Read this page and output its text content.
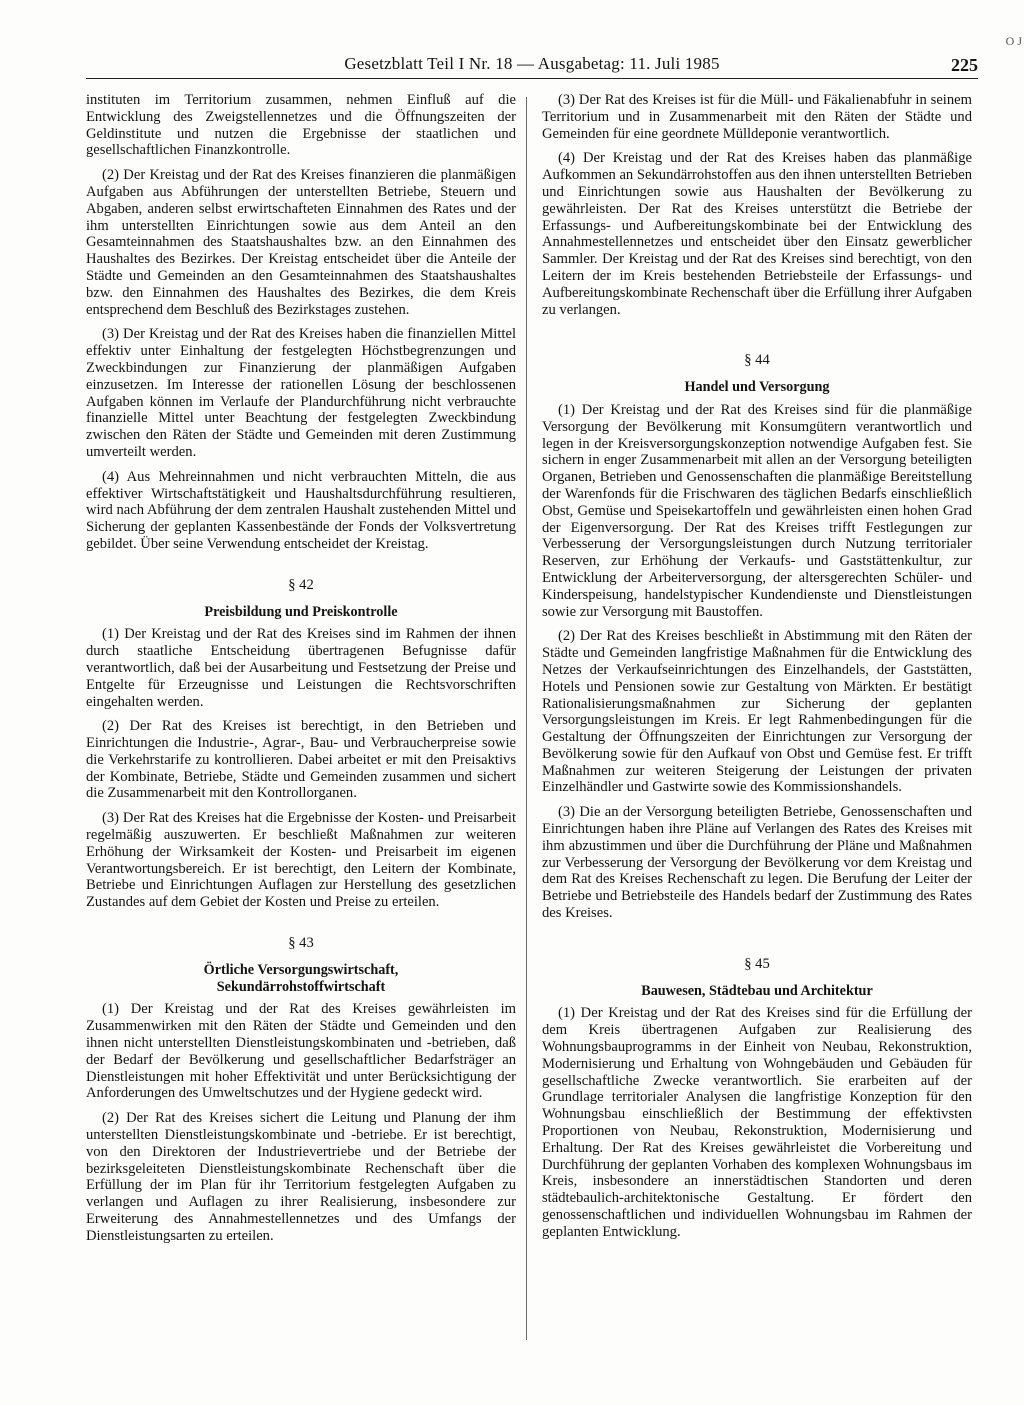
Gesetzblatt Teil I Nr. 18 — Ausgabetag: 11. Juli 1985	225
O J

instituten im Territorium zusammen, nehmen Einfluß auf die Entwicklung des Zweigstellennetzes und die Öffnungszeiten der Geldinstitute und nutzen die Ergebnisse der staatlichen und gesellschaftlichen Finanzkontrolle.

(2) Der Kreistag und der Rat des Kreises finanzieren die planmäßigen Aufgaben aus Abführungen der unterstellten Betriebe, Steuern und Abgaben, anderen selbst erwirtschafteten Einnahmen des Rates und der ihm unterstellten Einrichtungen sowie aus dem Anteil an den Gesamteinnahmen des Staatshaushaltes bzw. an den Einnahmen des Haushaltes des Bezirkes. Der Kreistag entscheidet über die Anteile der Städte und Gemeinden an den Gesamteinnahmen des Staatshaushaltes bzw. den Einnahmen des Haushaltes des Bezirkes, die dem Kreis entsprechend dem Beschluß des Bezirkstages zustehen.

(3) Der Kreistag und der Rat des Kreises haben die finanziellen Mittel effektiv unter Einhaltung der festgelegten Höchstbegrenzungen und Zweckbindungen zur Finanzierung der planmäßigen Aufgaben einzusetzen. Im Interesse der rationellen Lösung der beschlossenen Aufgaben können im Verlaufe der Plandurchführung nicht verbrauchte finanzielle Mittel unter Beachtung der festgelegten Zweckbindung zwischen den Räten der Städte und Gemeinden mit deren Zustimmung umverteilt werden.

(4) Aus Mehreinnahmen und nicht verbrauchten Mitteln, die aus effektiver Wirtschaftstätigkeit und Haushaltsdurchführung resultieren, wird nach Abführung der dem zentralen Haushalt zustehenden Mittel und Sicherung der geplanten Kassenbestände der Fonds der Volksvertretung gebildet. Über seine Verwendung entscheidet der Kreistag.

§ 42
Preisbildung und Preiskontrolle

(1) Der Kreistag und der Rat des Kreises sind im Rahmen der ihnen durch staatliche Entscheidung übertragenen Befugnisse dafür verantwortlich, daß bei der Ausarbeitung und Festsetzung der Preise und Entgelte für Erzeugnisse und Leistungen die Rechtsvorschriften eingehalten werden.

(2) Der Rat des Kreises ist berechtigt, in den Betrieben und Einrichtungen die Industrie-, Agrar-, Bau- und Verbraucherpreise sowie die Verkehrstarife zu kontrollieren. Dabei arbeitet er mit den Preisaktivs der Kombinate, Betriebe, Städte und Gemeinden zusammen und sichert die Zusammenarbeit mit den Kontrollorganen.

(3) Der Rat des Kreises hat die Ergebnisse der Kosten- und Preisarbeit regelmäßig auszuwerten. Er beschließt Maßnahmen zur weiteren Erhöhung der Wirksamkeit der Kosten- und Preisarbeit im eigenen Verantwortungsbereich. Er ist berechtigt, den Leitern der Kombinate, Betriebe und Einrichtungen Auflagen zur Herstellung des gesetzlichen Zustandes auf dem Gebiet der Kosten und Preise zu erteilen.

§ 43
Örtliche Versorgungswirtschaft,
Sekundärrohstoffwirtschaft

(1) Der Kreistag und der Rat des Kreises gewährleisten im Zusammenwirken mit den Räten der Städte und Gemeinden und den ihnen nicht unterstellten Dienstleistungskombinaten und -betrieben, daß der Bedarf der Bevölkerung und gesellschaftlicher Bedarfsträger an Dienstleistungen mit hoher Effektivität und unter Berücksichtigung der Anforderungen des Umweltschutzes und der Hygiene gedeckt wird.

(2) Der Rat des Kreises sichert die Leitung und Planung der ihm unterstellten Dienstleistungskombinate und -betriebe. Er ist berechtigt, von den Direktoren der Industrievertriebe und der Betriebe der bezirksgeleiteten Dienstleistungskombinate Rechenschaft über die Erfüllung der im Plan für ihr Territorium festgelegten Aufgaben zu verlangen und Auflagen zu ihrer Realisierung, insbesondere zur Erweiterung des Annahmestellennetzes und des Umfangs der Dienstleistungsarten zu erteilen.

(3) Der Rat des Kreises ist für die Müll- und Fäkalienabfuhr in seinem Territorium und in Zusammenarbeit mit den Räten der Städte und Gemeinden für eine geordnete Mülldeponie verantwortlich.

(4) Der Kreistag und der Rat des Kreises haben das planmäßige Aufkommen an Sekundärrohstoffen aus den ihnen unterstellten Betrieben und Einrichtungen sowie aus Haushalten der Bevölkerung zu gewährleisten. Der Rat des Kreises unterstützt die Betriebe der Erfassungs- und Aufbereitungskombinate bei der Entwicklung des Annahmestellennetzes und entscheidet über den Einsatz gewerblicher Sammler. Der Kreistag und der Rat des Kreises sind berechtigt, von den Leitern der im Kreis bestehenden Betriebsteile der Erfassungs- und Aufbereitungskombinate Rechenschaft über die Erfüllung ihrer Aufgaben zu verlangen.

§ 44
Handel und Versorgung

(1) Der Kreistag und der Rat des Kreises sind für die planmäßige Versorgung der Bevölkerung mit Konsumgütern verantwortlich und legen in der Kreisversorgungskonzeption notwendige Aufgaben fest. Sie sichern in enger Zusammenarbeit mit allen an der Versorgung beteiligten Organen, Betrieben und Genossenschaften die planmäßige Bereitstellung der Warenfonds für die Frischwaren des täglichen Bedarfs einschließlich Obst, Gemüse und Speisekartoffeln und gewährleisten einen hohen Grad der Eigenversorgung. Der Rat des Kreises trifft Festlegungen zur Verbesserung der Versorgungsleistungen durch Nutzung territorialer Reserven, zur Erhöhung der Verkaufs- und Gaststättenkultur, zur Entwicklung der Arbeiterversorgung, der altersgerechten Schüler- und Kinderspeisung, handelstypischer Kundendienste und Dienstleistungen sowie zur Versorgung mit Baustoffen.

(2) Der Rat des Kreises beschließt in Abstimmung mit den Räten der Städte und Gemeinden langfristige Maßnahmen für die Entwicklung des Netzes der Verkaufseinrichtungen des Einzelhandels, der Gaststätten, Hotels und Pensionen sowie zur Gestaltung von Märkten. Er bestätigt Rationalisierungsmaßnahmen zur Sicherung der geplanten Versorgungsleistungen im Kreis. Er legt Rahmenbedingungen für die Gestaltung der Öffnungszeiten der Einrichtungen zur Versorgung der Bevölkerung sowie für den Aufkauf von Obst und Gemüse fest. Er trifft Maßnahmen zur weiteren Steigerung der Leistungen der privaten Einzelhändler und Gastwirte sowie des Kommissionshandels.

(3) Die an der Versorgung beteiligten Betriebe, Genossenschaften und Einrichtungen haben ihre Pläne auf Verlangen des Rates des Kreises mit ihm abzustimmen und über die Durchführung der Pläne und Maßnahmen zur Verbesserung der Versorgung der Bevölkerung vor dem Kreistag und dem Rat des Kreises Rechenschaft zu legen. Die Berufung der Leiter der Betriebe und Betriebsteile des Handels bedarf der Zustimmung des Rates des Kreises.

§ 45
Bauwesen, Städtebau und Architektur

(1) Der Kreistag und der Rat des Kreises sind für die Erfüllung der dem Kreis übertragenen Aufgaben zur Realisierung des Wohnungsbauprogramms in der Einheit von Neubau, Rekonstruktion, Modernisierung und Erhaltung von Wohngebäuden und Gebäuden für gesellschaftliche Zwecke verantwortlich. Sie erarbeiten auf der Grundlage territorialer Analysen die langfristige Konzeption für den Wohnungsbau einschließlich der Bestimmung der effektivsten Proportionen von Neubau, Rekonstruktion, Modernisierung und Erhaltung. Der Rat des Kreises gewährleistet die Vorbereitung und Durchführung der geplanten Vorhaben des komplexen Wohnungsbaus im Kreis, insbesondere an innerstädtischen Standorten und deren städtebaulich-architektonische Gestaltung. Er fördert den genossenschaftlichen und individuellen Wohnungsbau im Rahmen der geplanten Entwicklung.
